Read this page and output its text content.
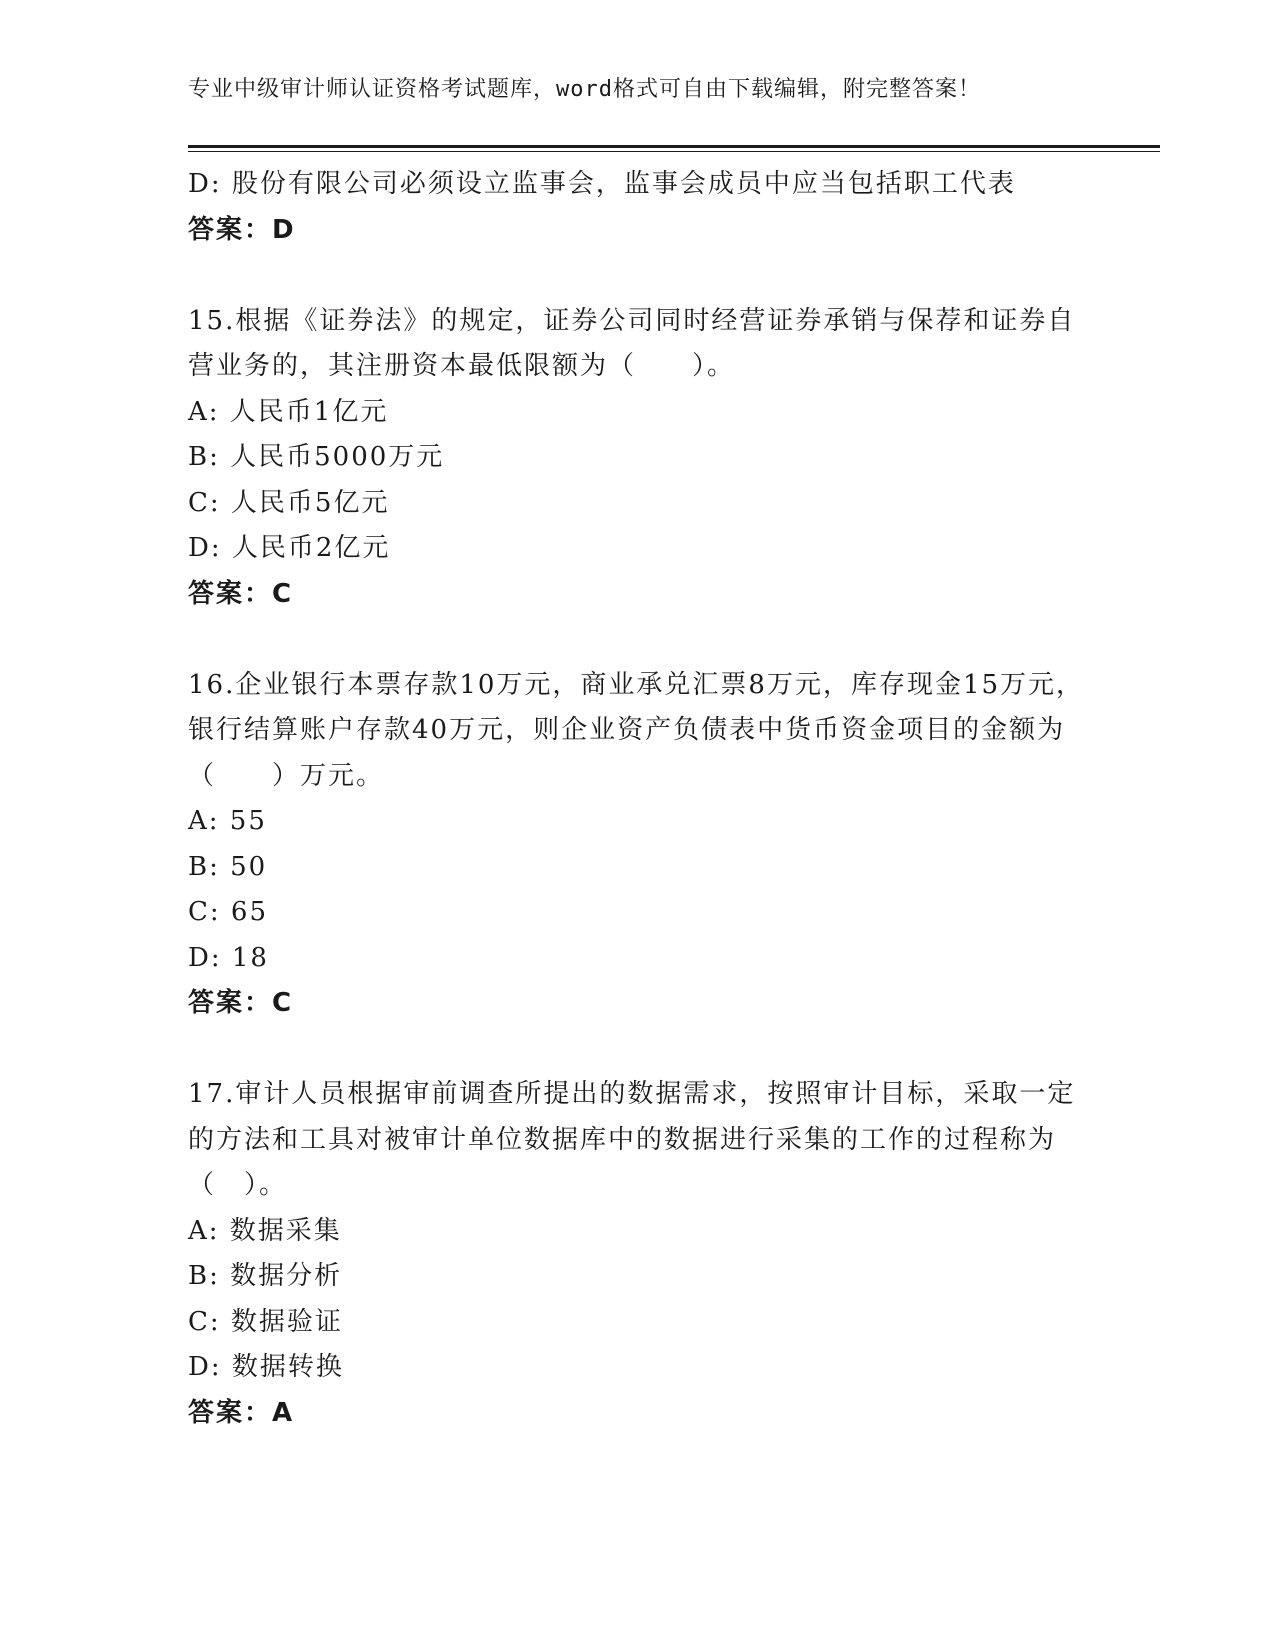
专业中级审计师认证资格考试题库，word格式可自由下载编辑，附完整答案！
D: 股份有限公司必须设立监事会，监事会成员中应当包括职工代表
答案：D
15.根据《证券法》的规定，证券公司同时经营证券承销与保荐和证券自营业务的，其注册资本最低限额为（　　）。
A: 人民币1亿元
B: 人民币5000万元
C: 人民币5亿元
D: 人民币2亿元
答案：C
16.企业银行本票存款10万元，商业承兑汇票8万元，库存现金15万元，银行结算账户存款40万元，则企业资产负债表中货币资金项目的金额为（　　）万元。
A: 55
B: 50
C: 65
D: 18
答案：C
17.审计人员根据审前调查所提出的数据需求，按照审计目标，采取一定的方法和工具对被审计单位数据库中的数据进行采集的工作的过程称为（　）。
A: 数据采集
B: 数据分析
C: 数据验证
D: 数据转换
答案：A
